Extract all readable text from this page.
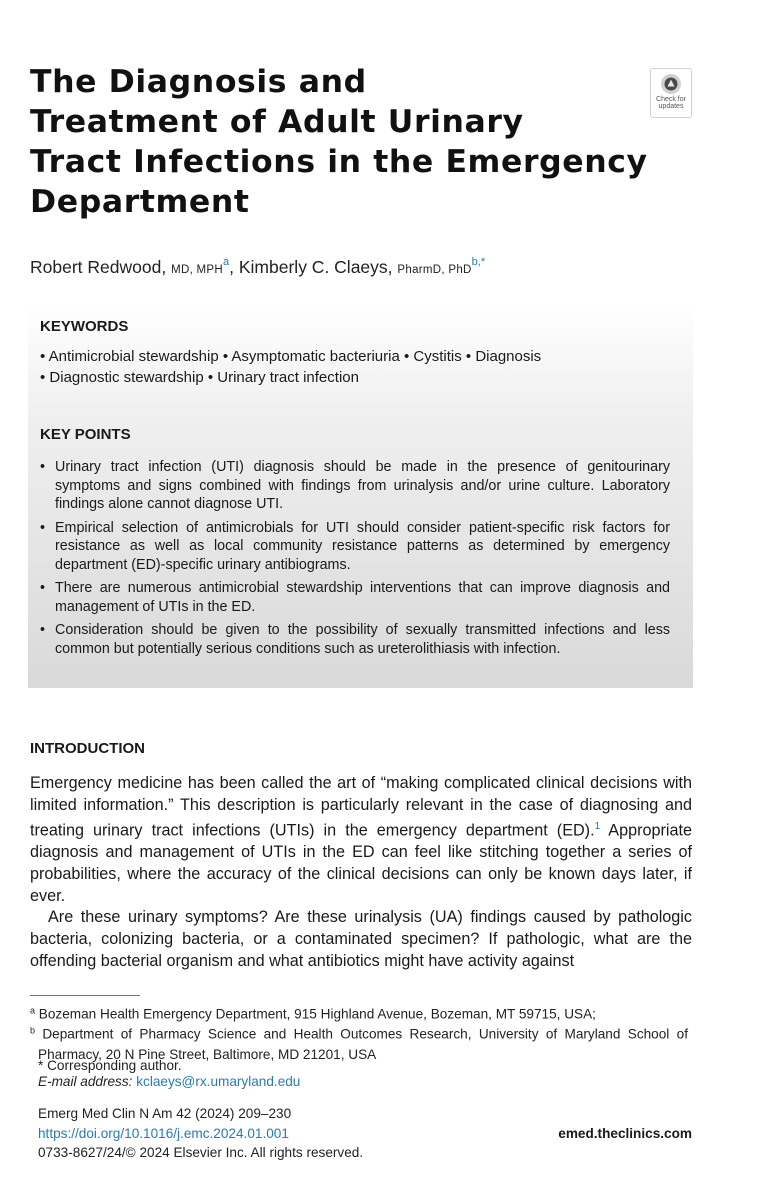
The Diagnosis and
Treatment of Adult Urinary
Tract Infections in the Emergency
Department
Check for updates
Robert Redwood, MD, MPH$^a$, Kimberly C. Claeys, PharmD, PhD$^{b,*}$
KEYWORDS
• Antimicrobial stewardship • Asymptomatic bacteriuria • Cystitis • Diagnosis
• Diagnostic stewardship • Urinary tract infection
KEY POINTS
• Urinary tract infection (UTI) diagnosis should be made in the presence of genitourinary symptoms and signs combined with findings from urinalysis and/or urine culture. Laboratory findings alone cannot diagnose UTI.
• Empirical selection of antimicrobials for UTI should consider patient-specific risk factors for resistance as well as local community resistance patterns as determined by emergency department (ED)-specific urinary antibiograms.
• There are numerous antimicrobial stewardship interventions that can improve diagnosis and management of UTIs in the ED.
• Consideration should be given to the possibility of sexually transmitted infections and less common but potentially serious conditions such as ureterolithiasis with infection.
INTRODUCTION
Emergency medicine has been called the art of “making complicated clinical decisions with limited information.” This description is particularly relevant in the case of diagnosing and treating urinary tract infections (UTIs) in the emergency department (ED).$^1$ Appropriate diagnosis and management of UTIs in the ED can feel like stitching together a series of probabilities, where the accuracy of the clinical decisions can only be known days later, if ever.
Are these urinary symptoms? Are these urinalysis (UA) findings caused by pathologic bacteria, colonizing bacteria, or a contaminated specimen? If pathologic, what are the offending bacterial organism and what antibiotics might have activity against
$^a$ Bozeman Health Emergency Department, 915 Highland Avenue, Bozeman, MT 59715, USA;
$^b$ Department of Pharmacy Science and Health Outcomes Research, University of Maryland School of Pharmacy, 20 N Pine Street, Baltimore, MD 21201, USA
* Corresponding author.
E-mail address: kclaeys@rx.umaryland.edu
Emerg Med Clin N Am 42 (2024) 209–230
https://doi.org/10.1016/j.emc.2024.01.001
0733-8627/24/© 2024 Elsevier Inc. All rights reserved.
emed.theclinics.com
